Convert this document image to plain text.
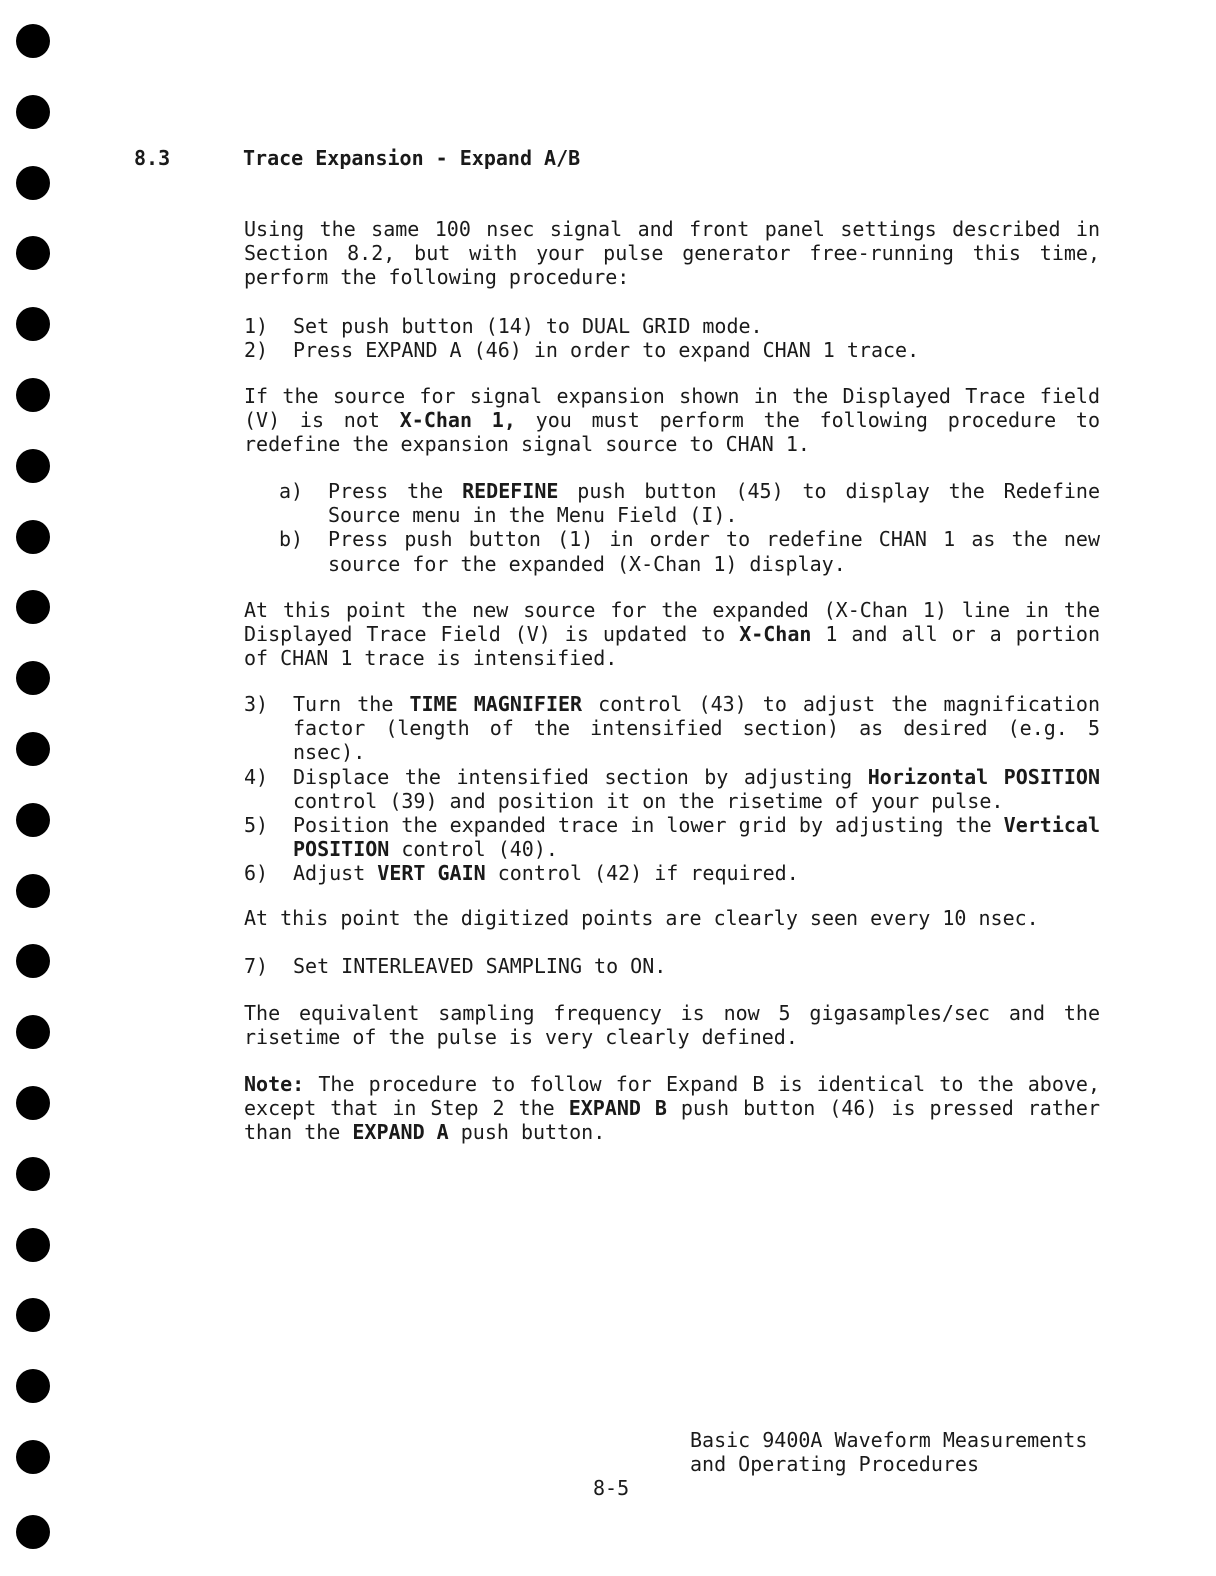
8.3	Trace Expansion - Expand A/B

Using the same 100 nsec signal and front panel settings described in Section 8.2, but with your pulse generator free-running this time, perform the following procedure:

1)	Set push button (14) to DUAL GRID mode.
2)	Press EXPAND A (46) in order to expand CHAN 1 trace.

If the source for signal expansion shown in the Displayed Trace field (V) is not X-Chan 1, you must perform the following procedure to redefine the expansion signal source to CHAN 1.

a)	Press the REDEFINE push button (45) to display the Redefine Source menu in the Menu Field (I).
b)	Press push button (1) in order to redefine CHAN 1 as the new source for the expanded (X-Chan 1) display.

At this point the new source for the expanded (X-Chan 1) line in the Displayed Trace Field (V) is updated to X-Chan 1 and all or a portion of CHAN 1 trace is intensified.

3)	Turn the TIME MAGNIFIER control (43) to adjust the magnification factor (length of the intensified section) as desired (e.g. 5 nsec).
4)	Displace the intensified section by adjusting Horizontal POSITION control (39) and position it on the risetime of your pulse.
5)	Position the expanded trace in lower grid by adjusting the Vertical POSITION control (40).
6)	Adjust VERT GAIN control (42) if required.

At this point the digitized points are clearly seen every 10 nsec.

7)	Set INTERLEAVED SAMPLING to ON.

The equivalent sampling frequency is now 5 gigasamples/sec and the risetime of the pulse is very clearly defined.

Note: The procedure to follow for Expand B is identical to the above, except that in Step 2 the EXPAND B push button (46) is pressed rather than the EXPAND A push button.

Basic 9400A Waveform Measurements
and Operating Procedures
8-5
